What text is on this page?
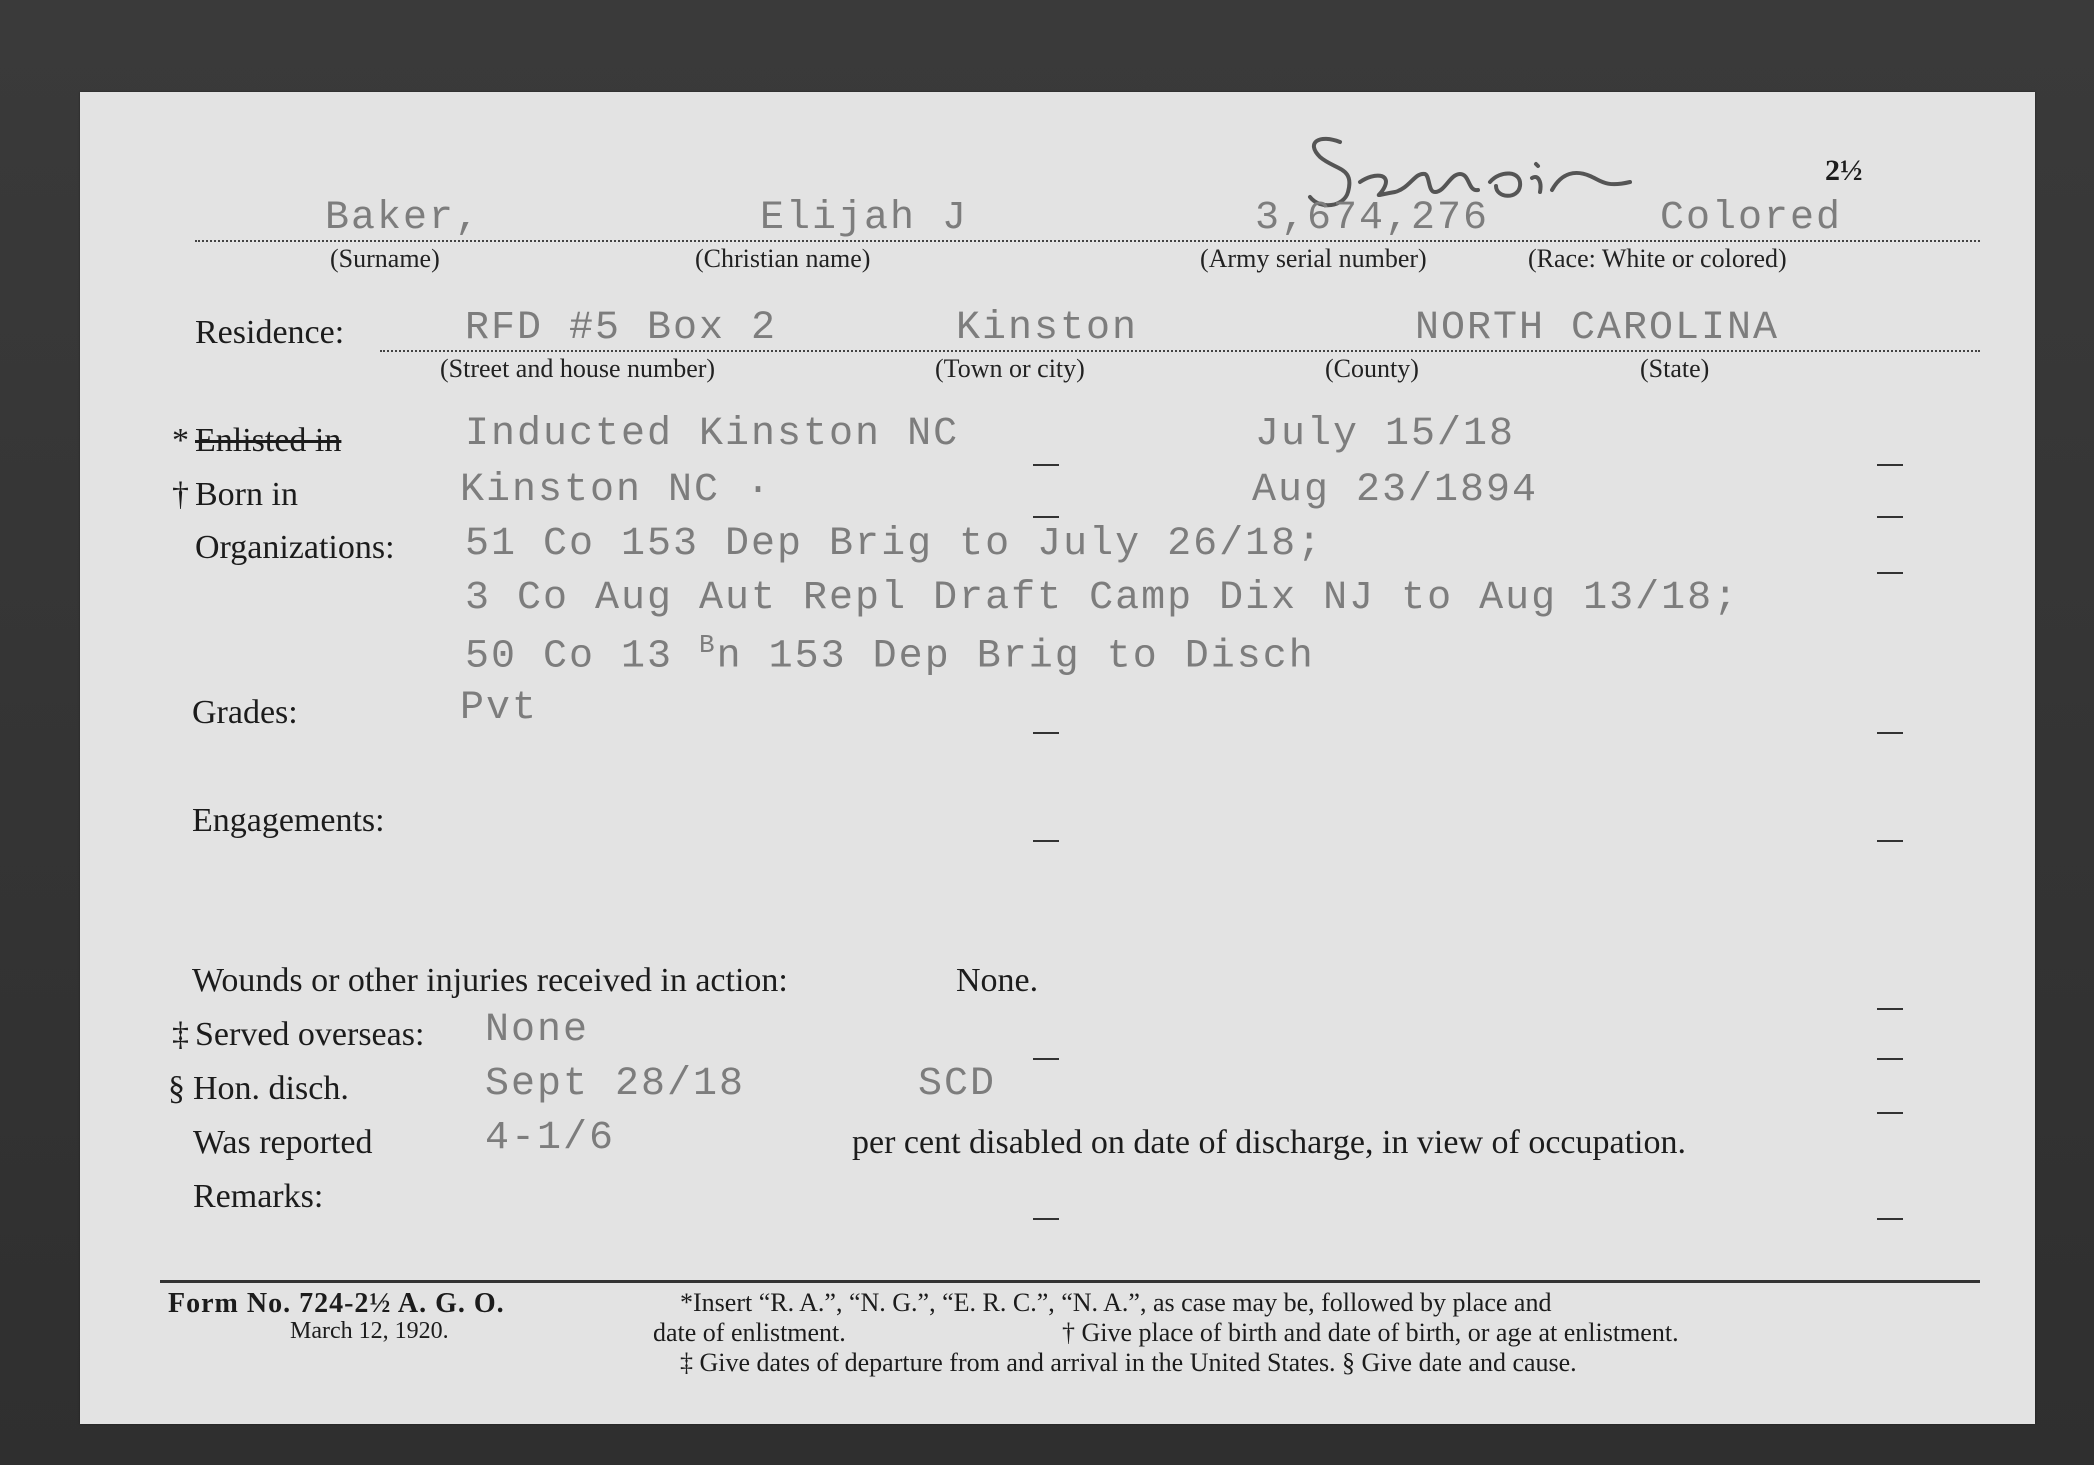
2½
Baker,	Elijah J	3,674,276	Colored
(Surname)	(Christian name)	(Army serial number)	(Race: White or colored)
Residence:	RFD #5 Box 2	Kinston	NORTH CAROLINA
(Street and house number)	(Town or city)	(County)	(State)
* Enlisted in	Inducted Kinston NC	July 15/18
† Born in	Kinston NC ·	Aug 23/1894
Organizations: 51 Co 153 Dep Brig to July 26/18;
3 Co Aug Aut Repl Draft Camp Dix NJ to Aug 13/18;
50 Co 13 $^B$n 153 Dep Brig to Disch
Grades:	Pvt
Engagements:
Wounds or other injuries received in action:	None.
‡ Served overseas: None
§ Hon. disch.	Sept 28/18	SCD
Was reported	4-1/6	per cent disabled on date of discharge, in view of occupation.
Remarks:
Form No. 724-2½ A. G. O.
March 12, 1920.
*Insert “R. A.”, “N. G.”, “E. R. C.”, “N. A.”, as case may be, followed by place and
date of enlistment.	† Give place of birth and date of birth, or age at enlistment.
‡ Give dates of departure from and arrival in the United States. § Give date and cause.
